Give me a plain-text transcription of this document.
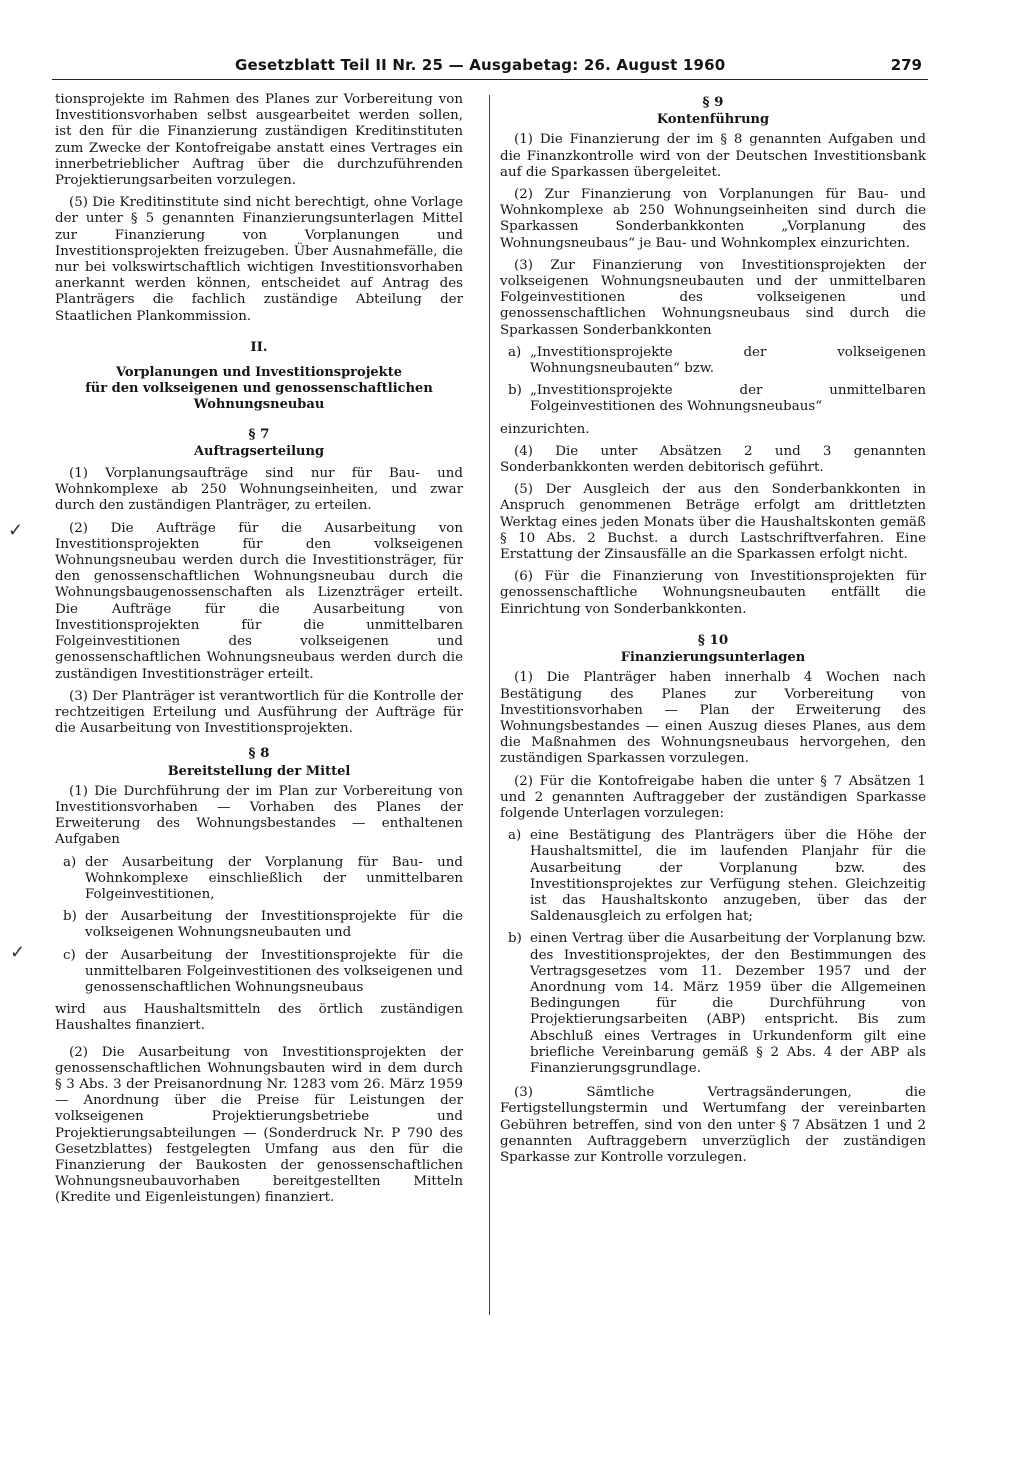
Gesetzblatt Teil II Nr. 25 — Ausgabetag: 26. August 1960	279
✓
✓

tionsprojekte im Rahmen des Planes zur Vorbereitung von Investitionsvorhaben selbst ausgearbeitet werden sollen, ist den für die Finanzierung zuständigen Kreditinstituten zum Zwecke der Kontofreigabe anstatt eines Vertrages ein innerbetrieblicher Auftrag über die durchzuführenden Projektierungsarbeiten vorzulegen.

(5) Die Kreditinstitute sind nicht berechtigt, ohne Vorlage der unter § 5 genannten Finanzierungsunterlagen Mittel zur Finanzierung von Vorplanungen und Investitionsprojekten freizugeben. Über Ausnahmefälle, die nur bei volkswirtschaftlich wichtigen Investitionsvorhaben anerkannt werden können, entscheidet auf Antrag des Planträgers die fachlich zuständige Abteilung der Staatlichen Plankommission.

II.
Vorplanungen und Investitionsprojekte
für den volkseigenen und genossenschaftlichen
Wohnungsneubau
§ 7
Auftragserteilung

(1) Vorplanungsaufträge sind nur für Bau- und Wohnkomplexe ab 250 Wohnungseinheiten, und zwar durch den zuständigen Planträger, zu erteilen.

(2) Die Aufträge für die Ausarbeitung von Investitionsprojekten für den volkseigenen Wohnungsneubau werden durch die Investitionsträger, für den genossenschaftlichen Wohnungsneubau durch die Wohnungsbaugenossenschaften als Lizenzträger erteilt. Die Aufträge für die Ausarbeitung von Investitionsprojekten für die unmittelbaren Folgeinvestitionen des volkseigenen und genossenschaftlichen Wohnungsneubaus werden durch die zuständigen Investitionsträger erteilt.

(3) Der Planträger ist verantwortlich für die Kontrolle der rechtzeitigen Erteilung und Ausführung der Aufträge für die Ausarbeitung von Investitionsprojekten.

§ 8
Bereitstellung der Mittel

(1) Die Durchführung der im Plan zur Vorbereitung von Investitionsvorhaben — Vorhaben des Planes der Erweiterung des Wohnungsbestandes — enthaltenen Aufgaben

a) der Ausarbeitung der Vorplanung für Bau- und Wohnkomplexe einschließlich der unmittelbaren Folgeinvestitionen,
b) der Ausarbeitung der Investitionsprojekte für die volkseigenen Wohnungsneubauten und
c) der Ausarbeitung der Investitionsprojekte für die unmittelbaren Folgeinvestitionen des volkseigenen und genossenschaftlichen Wohnungsneubaus

wird aus Haushaltsmitteln des örtlich zuständigen Haushaltes finanziert.

(2) Die Ausarbeitung von Investitionsprojekten der genossenschaftlichen Wohnungsbauten wird in dem durch § 3 Abs. 3 der Preisanordnung Nr. 1283 vom 26. März 1959 — Anordnung über die Preise für Leistungen der volkseigenen Projektierungsbetriebe und Projektierungsabteilungen — (Sonderdruck Nr. P 790 des Gesetzblattes) festgelegten Umfang aus den für die Finanzierung der Baukosten der genossenschaftlichen Wohnungsneubauvorhaben bereitgestellten Mitteln (Kredite und Eigenleistungen) finanziert.

§ 9
Kontenführung

(1) Die Finanzierung der im § 8 genannten Aufgaben und die Finanzkontrolle wird von der Deutschen Investitionsbank auf die Sparkassen übergeleitet.

(2) Zur Finanzierung von Vorplanungen für Bau- und Wohnkomplexe ab 250 Wohnungseinheiten sind durch die Sparkassen Sonderbankkonten „Vorplanung des Wohnungsneubaus“ je Bau- und Wohnkomplex einzurichten.

(3) Zur Finanzierung von Investitionsprojekten der volkseigenen Wohnungsneubauten und der unmittelbaren Folgeinvestitionen des volkseigenen und genossenschaftlichen Wohnungsneubaus sind durch die Sparkassen Sonderbankkonten

a) „Investitionsprojekte der volkseigenen Wohnungsneubauten“ bzw.
b) „Investitionsprojekte der unmittelbaren Folgeinvestitionen des Wohnungsneubaus“

einzurichten.

(4) Die unter Absätzen 2 und 3 genannten Sonderbankkonten werden debitorisch geführt.

(5) Der Ausgleich der aus den Sonderbankkonten in Anspruch genommenen Beträge erfolgt am drittletzten Werktag eines jeden Monats über die Haushaltskonten gemäß § 10 Abs. 2 Buchst. a durch Lastschriftverfahren. Eine Erstattung der Zinsausfälle an die Sparkassen erfolgt nicht.

(6) Für die Finanzierung von Investitionsprojekten für genossenschaftliche Wohnungsneubauten entfällt die Einrichtung von Sonderbankkonten.

§ 10
Finanzierungsunterlagen

(1) Die Planträger haben innerhalb 4 Wochen nach Bestätigung des Planes zur Vorbereitung von Investitionsvorhaben — Plan der Erweiterung des Wohnungsbestandes — einen Auszug dieses Planes, aus dem die Maßnahmen des Wohnungsneubaus hervorgehen, den zuständigen Sparkassen vorzulegen.

(2) Für die Kontofreigabe haben die unter § 7 Absätzen 1 und 2 genannten Auftraggeber der zuständigen Sparkasse folgende Unterlagen vorzulegen:

a) eine Bestätigung des Planträgers über die Höhe der Haushaltsmittel, die im laufenden Planjahr für die Ausarbeitung der Vorplanung bzw. des Investitionsprojektes zur Verfügung stehen. Gleichzeitig ist das Haushaltskonto anzugeben, über das der Saldenausgleich zu erfolgen hat;
b) einen Vertrag über die Ausarbeitung der Vorplanung bzw. des Investitionsprojektes, der den Bestimmungen des Vertragsgesetzes vom 11. Dezember 1957 und der Anordnung vom 14. März 1959 über die Allgemeinen Bedingungen für die Durchführung von Projektierungsarbeiten (ABP) entspricht. Bis zum Abschluß eines Vertrages in Urkundenform gilt eine briefliche Vereinbarung gemäß § 2 Abs. 4 der ABP als Finanzierungsgrundlage.

(3) Sämtliche Vertragsänderungen, die Fertigstellungstermin und Wertumfang der vereinbarten Gebühren betreffen, sind von den unter § 7 Absätzen 1 und 2 genannten Auftraggebern unverzüglich der zuständigen Sparkasse zur Kontrolle vorzulegen.
